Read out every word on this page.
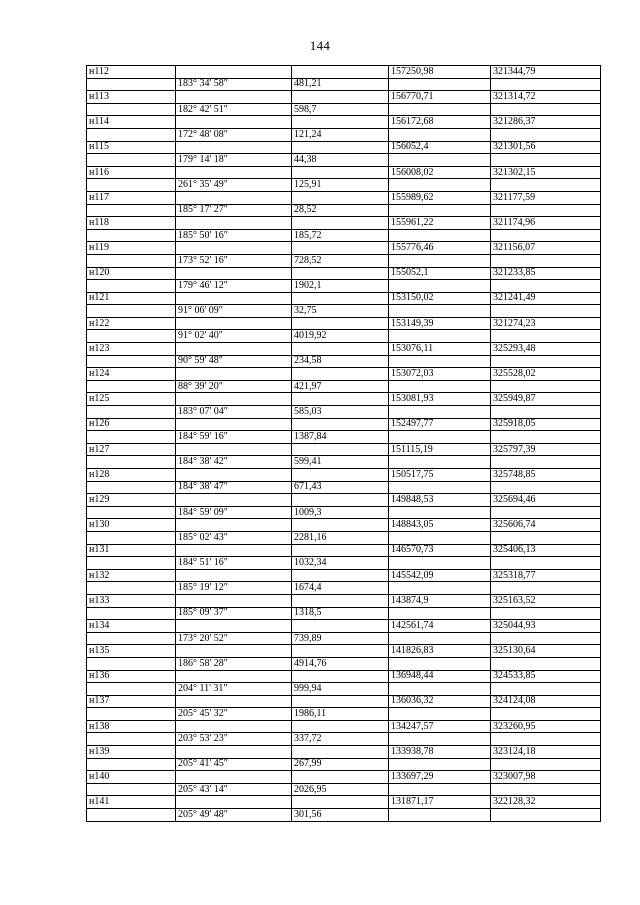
144
н112			157250,98	321344,79
	183° 34' 58"	481,21		
н113			156770,71	321314,72
	182° 42' 51"	598,7		
н114			156172,68	321286,37
	172° 48' 08"	121,24		
н115			156052,4	321301,56
	179° 14' 18"	44,38		
н116			156008,02	321302,15
	261° 35' 49"	125,91		
н117			155989,62	321177,59
	185° 17' 27"	28,52		
н118			155961,22	321174,96
	185° 50' 16"	185,72		
н119			155776,46	321156,07
	173° 52' 16"	728,52		
н120			155052,1	321233,85
	179° 46' 12"	1902,1		
н121			153150,02	321241,49
	91° 06' 09"	32,75		
н122			153149,39	321274,23
	91° 02' 40"	4019,92		
н123			153076,11	325293,48
	90° 59' 48"	234,58		
н124			153072,03	325528,02
	88° 39' 20"	421,97		
н125			153081,93	325949,87
	183° 07' 04"	585,03		
н126			152497,77	325918,05
	184° 59' 16"	1387,84		
н127			151115,19	325797,39
	184° 38' 42"	599,41		
н128			150517,75	325748,85
	184° 38' 47"	671,43		
н129			149848,53	325694,46
	184° 59' 09"	1009,3		
н130			148843,05	325606,74
	185° 02' 43"	2281,16		
н131			146570,73	325406,13
	184° 51' 16"	1032,34		
н132			145542,09	325318,77
	185° 19' 12"	1674,4		
н133			143874,9	325163,52
	185° 09' 37"	1318,5		
н134			142561,74	325044,93
	173° 20' 52"	739,89		
н135			141826,83	325130,64
	186° 58' 28"	4914,76		
н136			136948,44	324533,85
	204° 11' 31"	999,94		
н137			136036,32	324124,08
	205° 45' 32"	1986,11		
н138			134247,57	323260,95
	203° 53' 23"	337,72		
н139			133938,78	323124,18
	205° 41' 45"	267,99		
н140			133697,29	323007,98
	205° 43' 14"	2026,95		
н141			131871,17	322128,32
	205° 49' 48"	301,56		
